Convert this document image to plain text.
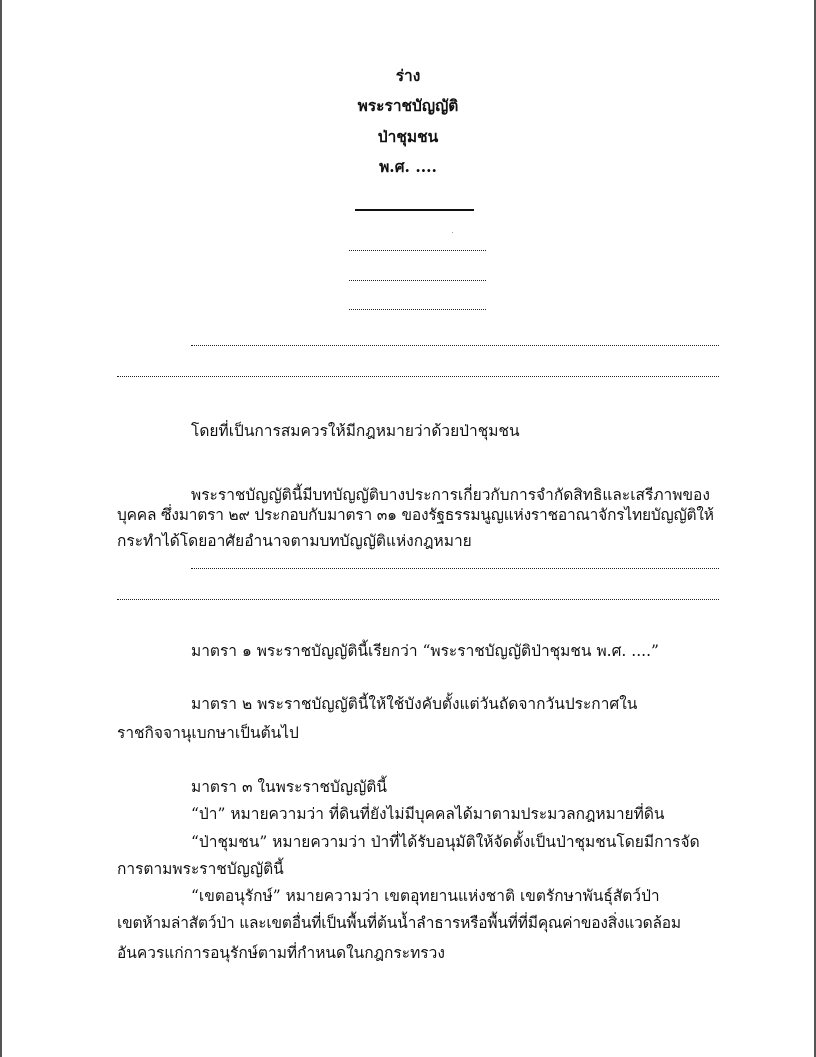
ร่าง
พระราชบัญญัติ
ป่าชุมชน
พ.ศ. ....
โดยที่เป็นการสมควรให้มีกฎหมายว่าด้วยป่าชุมชน
พระราชบัญญัตินี้มีบทบัญญัติบางประการเกี่ยวกับการจำกัดสิทธิและเสรีภาพของ
บุคคล ซึ่งมาตรา ๒๙ ประกอบกับมาตรา ๓๑ ของรัฐธรรมนูญแห่งราชอาณาจักรไทยบัญญัติให้
กระทำได้โดยอาศัยอำนาจตามบทบัญญัติแห่งกฎหมาย
มาตรา ๑ พระราชบัญญัตินี้เรียกว่า “พระราชบัญญัติป่าชุมชน พ.ศ. ....”
มาตรา ๒ พระราชบัญญัตินี้ให้ใช้บังคับตั้งแต่วันถัดจากวันประกาศใน
ราชกิจจานุเบกษาเป็นต้นไป
มาตรา ๓ ในพระราชบัญญัตินี้
“ป่า” หมายความว่า ที่ดินที่ยังไม่มีบุคคลได้มาตามประมวลกฎหมายที่ดิน
“ป่าชุมชน” หมายความว่า ป่าที่ได้รับอนุมัติให้จัดตั้งเป็นป่าชุมชนโดยมีการจัด
การตามพระราชบัญญัตินี้
“เขตอนุรักษ์” หมายความว่า เขตอุทยานแห่งชาติ เขตรักษาพันธุ์สัตว์ป่า
เขตห้ามล่าสัตว์ป่า และเขตอื่นที่เป็นพื้นที่ต้นน้ำลำธารหรือพื้นที่ที่มีคุณค่าของสิ่งแวดล้อม
อันควรแก่การอนุรักษ์ตามที่กำหนดในกฎกระทรวง
